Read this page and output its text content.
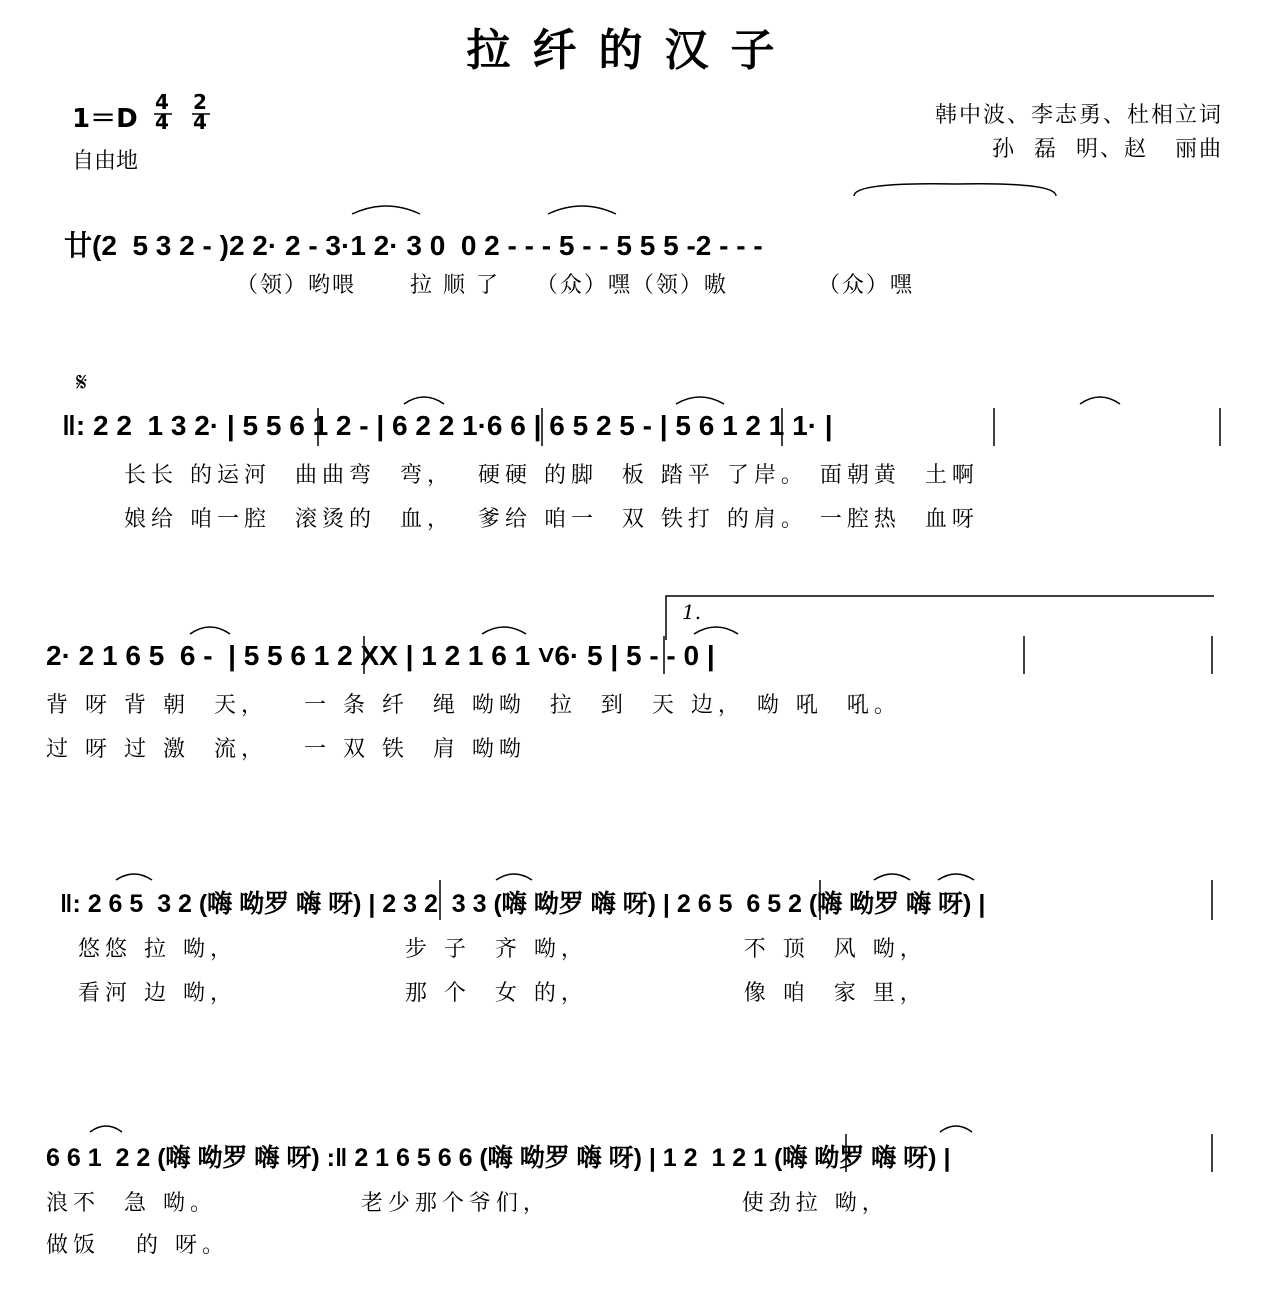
拉纤的汉子
1＝D
4
4
2
4
自由地
韩中波、李志勇、杜相立词
孙  磊  明、赵   丽曲
廿(2  5 3 2 - )2 2· 2 - 3·1 2· 3 0  0 2 - - - 5 - - 5 5 5 -2 - - -
（领）哟喂      拉 顺 了    （众）嘿（领）嗷          （众）嘿
𝄋
‖: 2 2  1 3 2· | 5 5 6 1 2 - | 6 2 2 1·6 6 | 6 5 2 5 - | 5 6 1 2 1 1· |
长长 的运河  曲曲弯  弯，  硬硬 的脚  板 踏平 了岸。 面朝黄  土啊
娘给 咱一腔  滚烫的  血，  爹给 咱一  双 铁打 的肩。 一腔热  血呀
1.
2· 2 1 6 5  6 -  | 5 5 6 1 2 XX | 1 2 1 6 1 ˅6· 5 | 5 - - 0 |
背 呀 背 朝  天，   一 条 纤  绳 呦呦  拉  到  天 边， 呦 吼  吼。
过 呀 过 激  流，   一 双 铁  肩 呦呦
‖: 2 6 5  3 2 (嗨 呦罗 嗨 呀) | 2 3 2  3 3 (嗨 呦罗 嗨 呀) | 2 6 5  6 5 2 (嗨 呦罗 嗨 呀) |
悠悠 拉 呦，              步 子  齐 呦，             不 顶  风 呦，
看河 边 呦，              那 个  女 的，             像 咱  家 里，
6 6 1  2 2 (嗨 呦罗 嗨 呀) :‖ 2 1 6 5 6 6 (嗨 呦罗 嗨 呀) | 1 2  1 2 1 (嗨 呦罗 嗨 呀) |
浪不  急 呦。            老少那个爷们，                使劲拉 呦，
做饭   的 呀。
